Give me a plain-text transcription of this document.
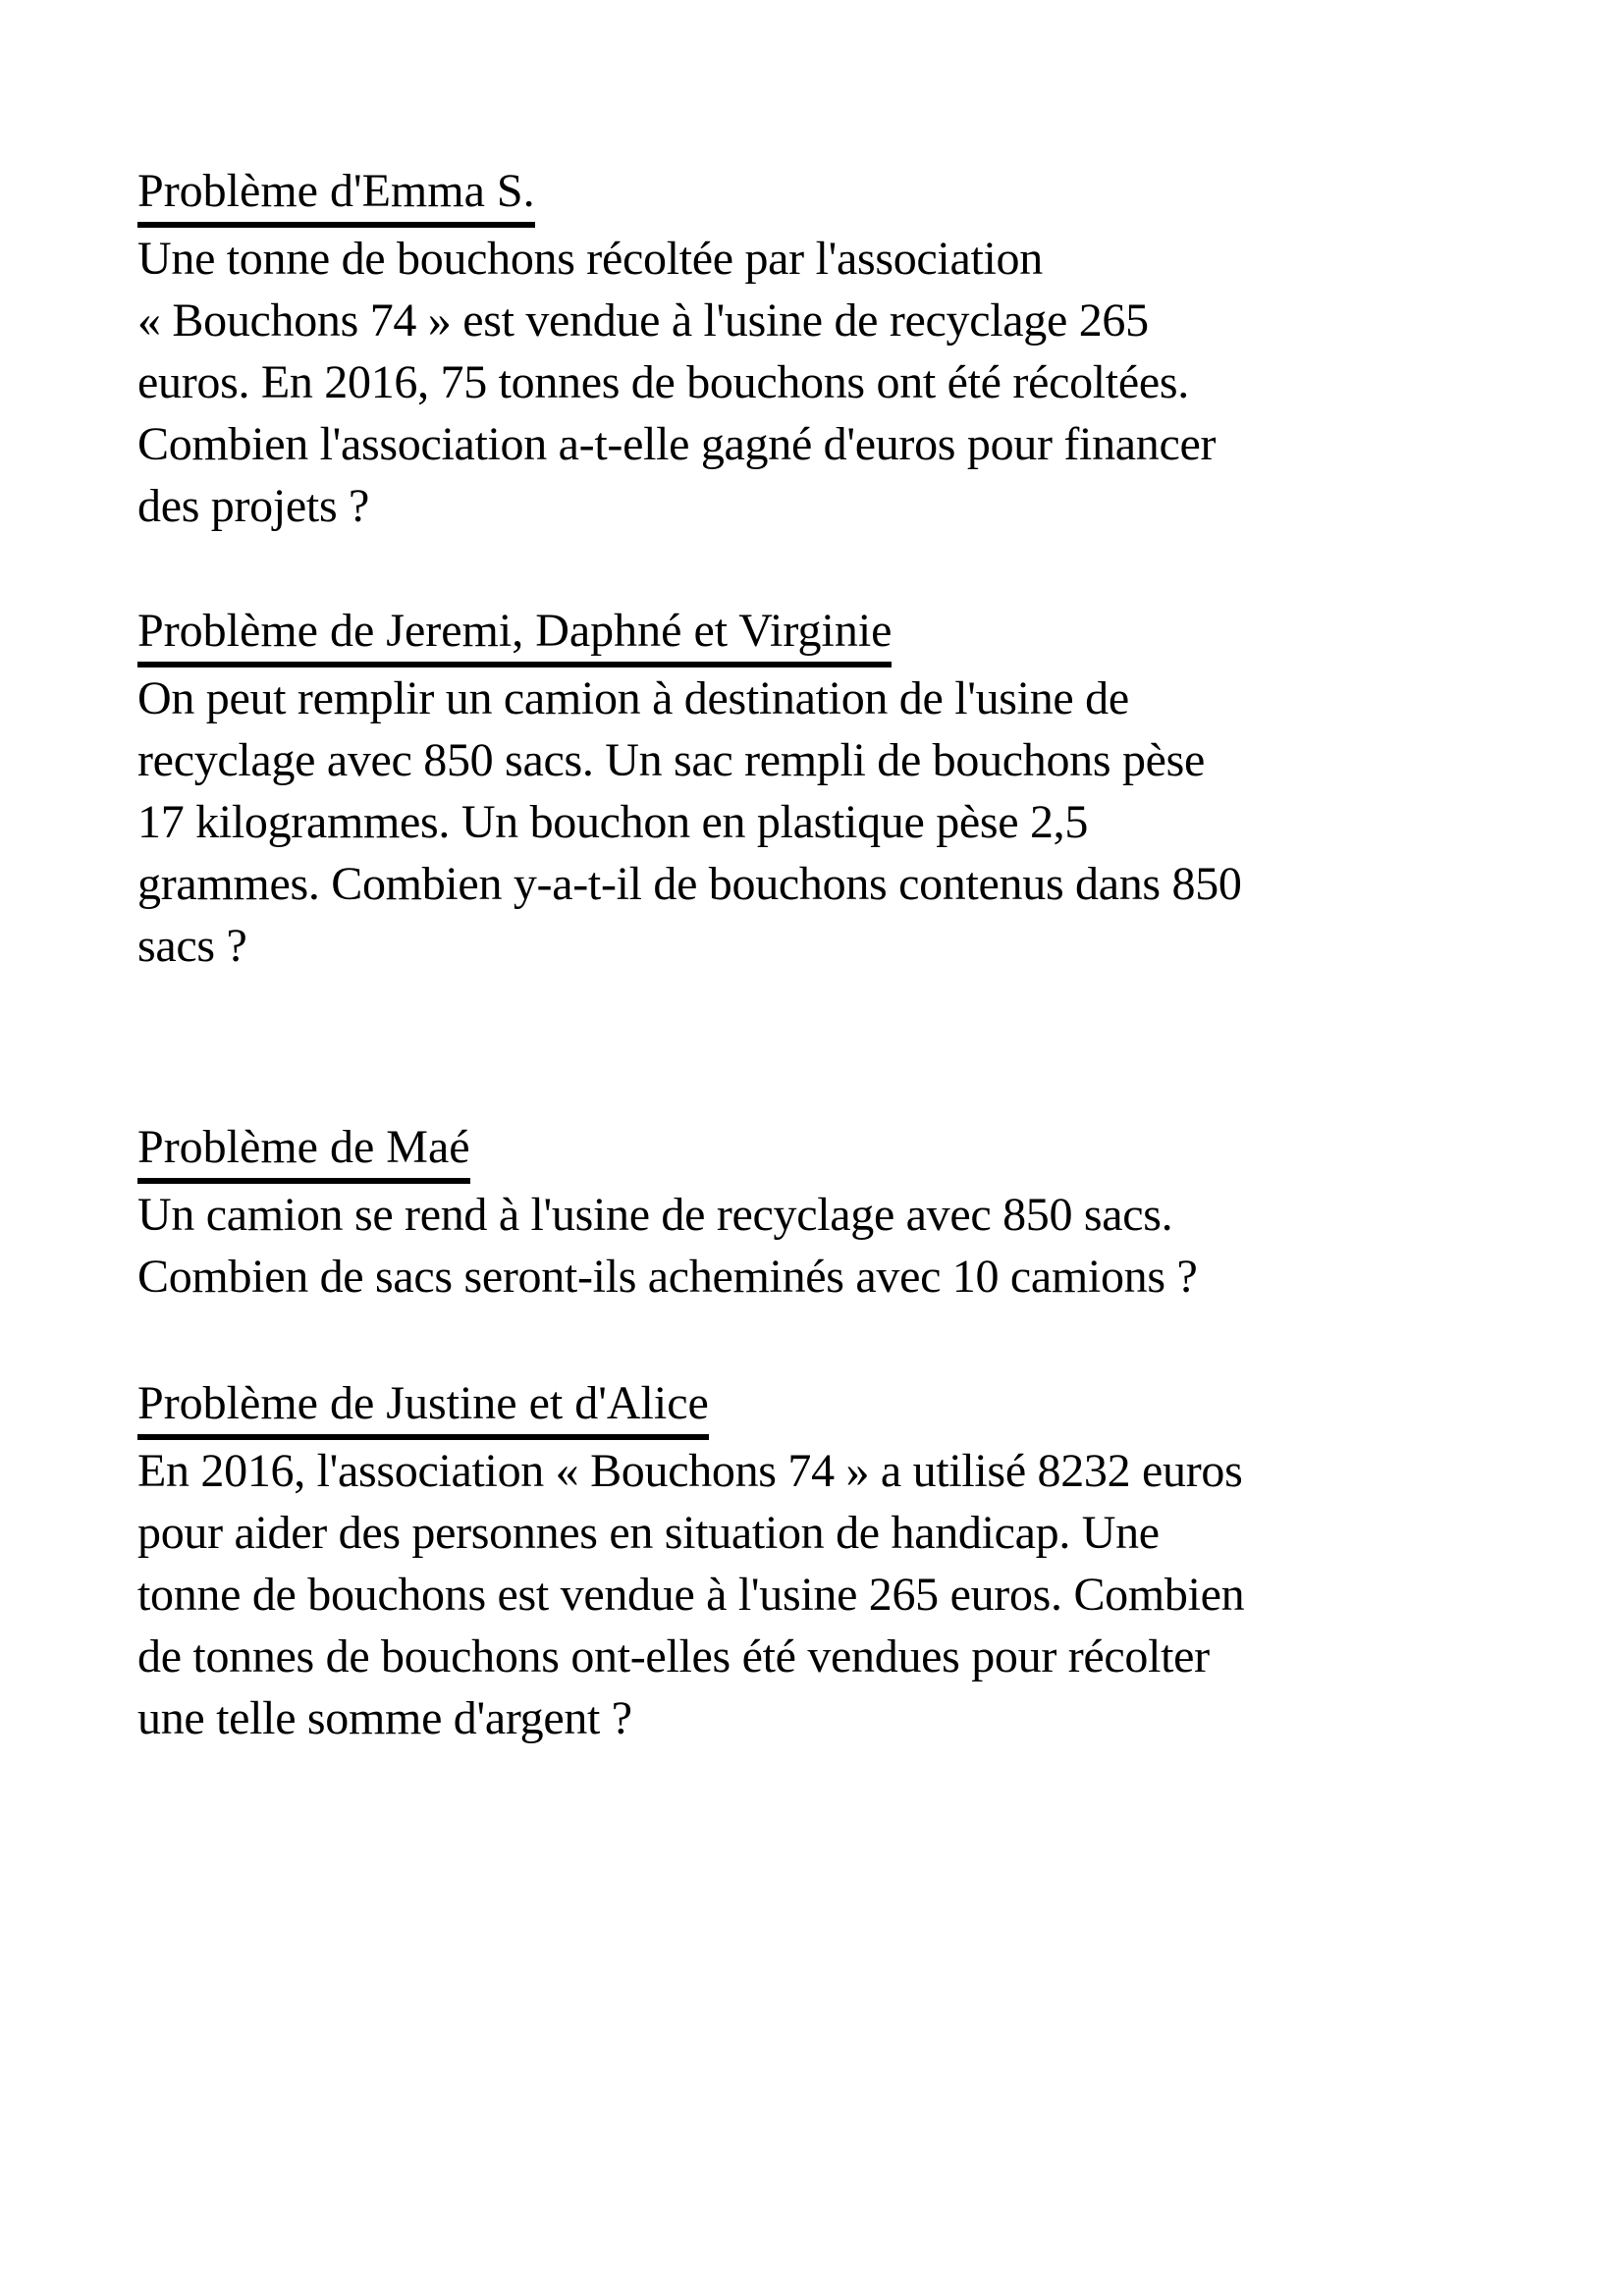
Problème d'Emma S.
Une tonne de bouchons récoltée par l'association
« Bouchons 74 » est vendue à l'usine de recyclage 265
euros. En 2016, 75 tonnes de bouchons ont été récoltées.
Combien l'association a-t-elle gagné d'euros pour financer
des projets ?
Problème de Jeremi, Daphné et Virginie
On peut remplir un camion à destination de l'usine de
recyclage avec 850 sacs. Un sac rempli de bouchons pèse
17 kilogrammes. Un bouchon en plastique pèse 2,5
grammes. Combien y-a-t-il de bouchons contenus dans 850
sacs ?
Problème de Maé
Un camion se rend à l'usine de recyclage avec 850 sacs.
Combien de sacs seront-ils acheminés avec 10 camions ?
Problème de Justine et d'Alice
En 2016, l'association « Bouchons 74 » a utilisé 8232 euros
pour aider des personnes en situation de handicap. Une
tonne de bouchons est vendue à l'usine 265 euros. Combien
de tonnes de bouchons ont-elles été vendues pour récolter
une telle somme d'argent ?
